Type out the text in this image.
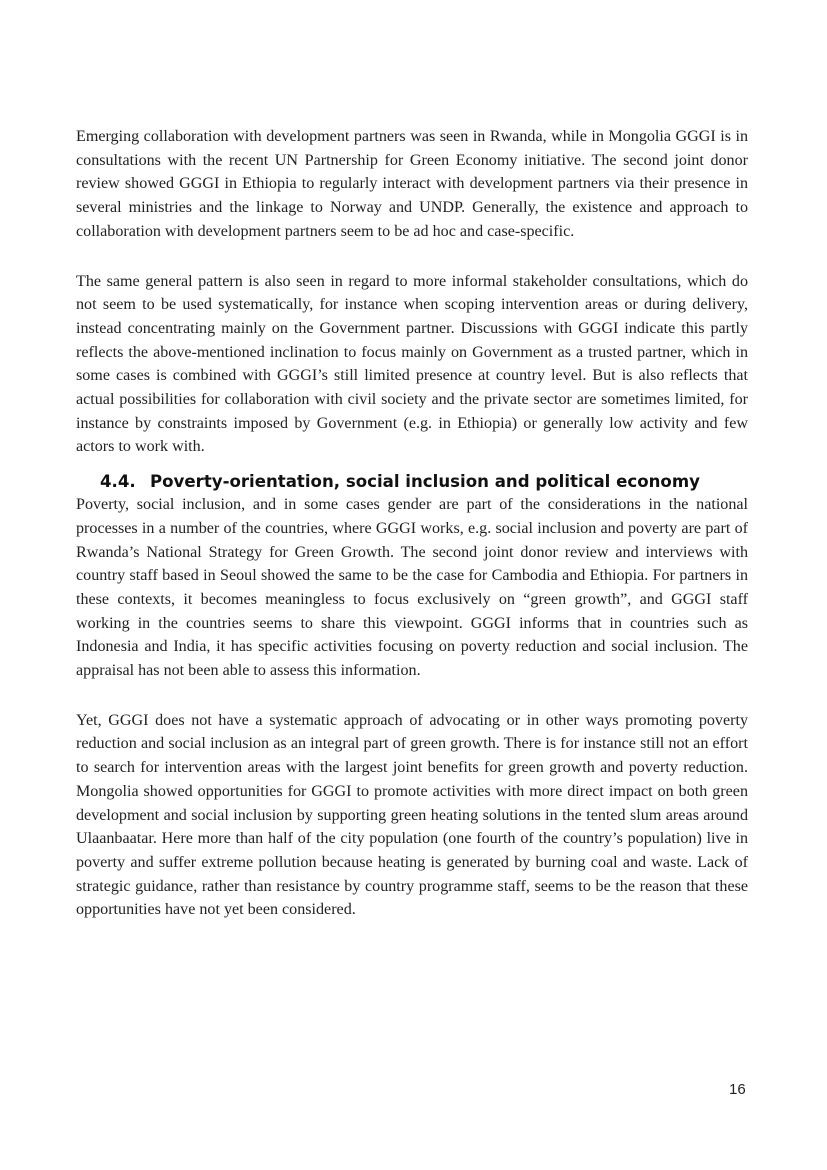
Emerging collaboration with development partners was seen in Rwanda, while in Mongolia GGGI is in consultations with the recent UN Partnership for Green Economy initiative. The second joint donor review showed GGGI in Ethiopia to regularly interact with development partners via their presence in several ministries and the linkage to Norway and UNDP. Generally, the existence and approach to collaboration with development partners seem to be ad hoc and case-specific.

The same general pattern is also seen in regard to more informal stakeholder consultations, which do not seem to be used systematically, for instance when scoping intervention areas or during delivery, instead concentrating mainly on the Government partner. Discussions with GGGI indicate this partly reflects the above-mentioned inclination to focus mainly on Government as a trusted partner, which in some cases is combined with GGGI’s still limited presence at country level. But is also reflects that actual possibilities for collaboration with civil society and the private sector are sometimes limited, for instance by constraints imposed by Government (e.g. in Ethiopia) or generally low activity and few actors to work with.

4.4. Poverty-orientation, social inclusion and political economy

Poverty, social inclusion, and in some cases gender are part of the considerations in the national processes in a number of the countries, where GGGI works, e.g. social inclusion and poverty are part of Rwanda’s National Strategy for Green Growth. The second joint donor review and interviews with country staff based in Seoul showed the same to be the case for Cambodia and Ethiopia. For partners in these contexts, it becomes meaningless to focus exclusively on “green growth”, and GGGI staff working in the countries seems to share this viewpoint. GGGI informs that in countries such as Indonesia and India, it has specific activities focusing on poverty reduction and social inclusion. The appraisal has not been able to assess this information.

Yet, GGGI does not have a systematic approach of advocating or in other ways promoting poverty reduction and social inclusion as an integral part of green growth. There is for instance still not an effort to search for intervention areas with the largest joint benefits for green growth and poverty reduction. Mongolia showed opportunities for GGGI to promote activities with more direct impact on both green development and social inclusion by supporting green heating solutions in the tented slum areas around Ulaanbaatar. Here more than half of the city population (one fourth of the country’s population) live in poverty and suffer extreme pollution because heating is generated by burning coal and waste. Lack of strategic guidance, rather than resistance by country programme staff, seems to be the reason that these opportunities have not yet been considered.

16
